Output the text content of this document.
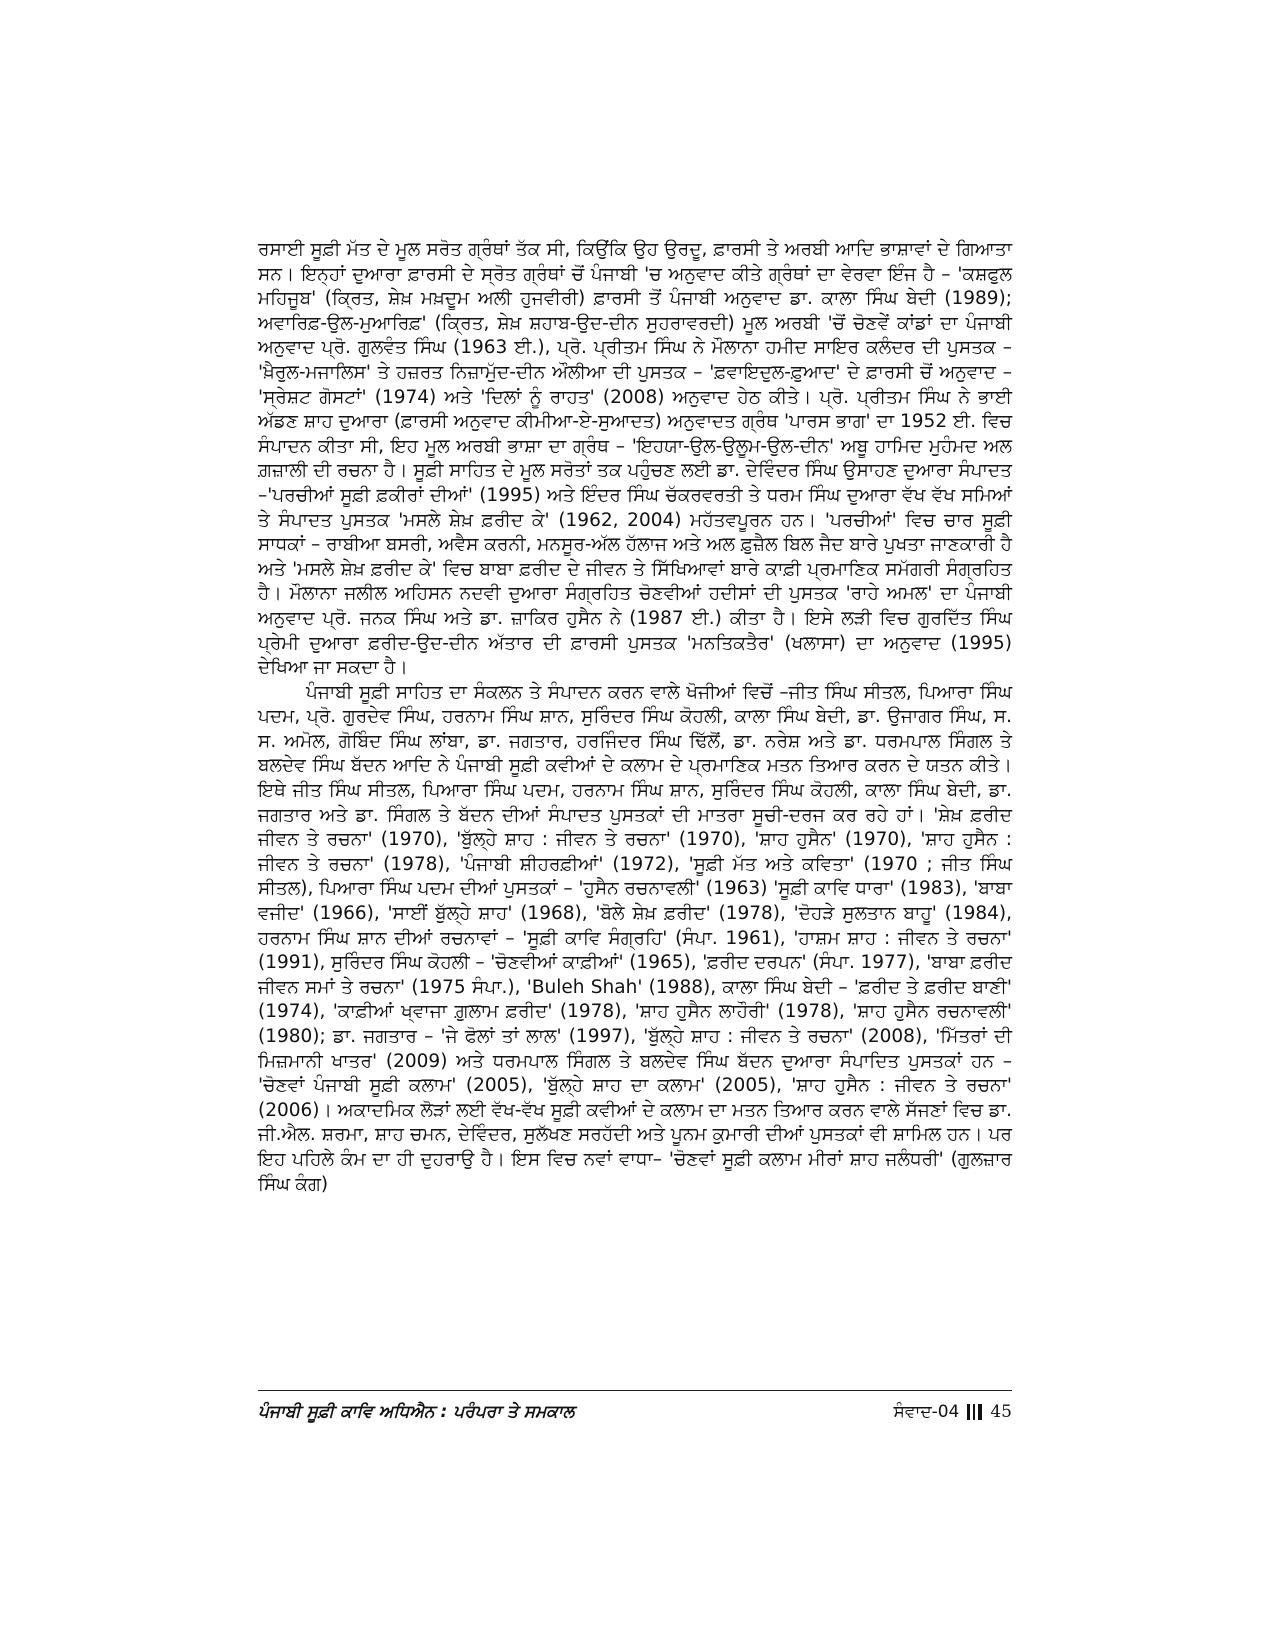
ਰਸਾਈ ਸੂਫ਼ੀ ਮੱਤ ਦੇ ਮੂਲ ਸਰੋਤ ਗ੍ਰੰਥਾਂ ਤੱਕ ਸੀ, ਕਿਉਂਕਿ ਉਹ ਉਰਦੂ, ਫ਼ਾਰਸੀ ਤੇ ਅਰਬੀ ਆਦਿ ਭਾਸ਼ਾਵਾਂ ਦੇ ਗਿਆਤਾ ਸਨ। ਇਨ੍ਹਾਂ ਦੁਆਰਾ ਫ਼ਾਰਸੀ ਦੇ ਸ੍ਰੋਤ ਗ੍ਰੰਥਾਂ ਚੋਂ ਪੰਜਾਬੀ 'ਚ ਅਨੁਵਾਦ ਕੀਤੇ ਗ੍ਰੰਥਾਂ ਦਾ ਵੇਰਵਾ ਇੰਜ ਹੈ – 'ਕਸ਼ਫੁਲ ਮਹਿਜੂਬ' (ਕ੍ਰਿਤ, ਸ਼ੇਖ਼ ਮਖ਼ਦੂਮ ਅਲੀ ਹੁਜਵੀਰੀ) ਫ਼ਾਰਸੀ ਤੋਂ ਪੰਜਾਬੀ ਅਨੁਵਾਦ ਡਾ. ਕਾਲਾ ਸਿੰਘ ਬੇਦੀ (1989); ਅਵਾਰਿਫ਼-ਉਲ-ਮੁਆਰਿਫ਼' (ਕ੍ਰਿਤ, ਸ਼ੇਖ਼ ਸ਼ਹਾਬ-ਉਦ-ਦੀਨ ਸੁਹਰਾਵਰਦੀ) ਮੂਲ ਅਰਬੀ 'ਚੋਂ ਚੋਣਵੇਂ ਕਾਂਡਾਂ ਦਾ ਪੰਜਾਬੀ ਅਨੁਵਾਦ ਪ੍ਰੋ. ਗੁਲਵੰਤ ਸਿੰਘ (1963 ਈ.), ਪ੍ਰੋ. ਪ੍ਰੀਤਮ ਸਿੰਘ ਨੇ ਮੌਲਾਨਾ ਹਮੀਦ ਸਾਇਰ ਕਲੰਦਰ ਦੀ ਪੁਸਤਕ – 'ਖ਼ੈਰੁਲ-ਮਜਾਲਿਸ' ਤੇ ਹਜ਼ਰਤ ਨਿਜ਼ਾਮੁੱਦ-ਦੀਨ ਔਲੀਆ ਦੀ ਪੁਸਤਕ – 'ਫ਼ਵਾਇਦੁਲ-ਫ਼ੁਆਦ' ਦੇ ਫ਼ਾਰਸੀ ਚੋਂ ਅਨੁਵਾਦ – 'ਸ੍ਰੇਸ਼ਟ ਗੋਸਟਾਂ' (1974) ਅਤੇ 'ਦਿਲਾਂ ਨੂੰ ਰਾਹਤ' (2008) ਅਨੁਵਾਦ ਹੇਠ ਕੀਤੇ। ਪ੍ਰੋ. ਪ੍ਰੀਤਮ ਸਿੰਘ ਨੇ ਭਾਈ ਅੱਡਣ ਸ਼ਾਹ ਦੁਆਰਾ (ਫ਼ਾਰਸੀ ਅਨੁਵਾਦ ਕੀਮੀਆ-ਏ-ਸੁਆਦਤ) ਅਨੁਵਾਦਤ ਗ੍ਰੰਥ 'ਪਾਰਸ ਭਾਗ' ਦਾ 1952 ਈ. ਵਿਚ ਸੰਪਾਦਨ ਕੀਤਾ ਸੀ, ਇਹ ਮੂਲ ਅਰਬੀ ਭਾਸ਼ਾ ਦਾ ਗ੍ਰੰਥ – 'ਇਹਯਾ-ਉਲ-ਉਲੂਮ-ਉਲ-ਦੀਨ' ਅਬੂ ਹਾਮਿਦ ਮੁਹੰਮਦ ਅਲ ਗ਼ਜ਼ਾਲੀ ਦੀ ਰਚਨਾ ਹੈ। ਸੂਫ਼ੀ ਸਾਹਿਤ ਦੇ ਮੂਲ ਸਰੋਤਾਂ ਤਕ ਪਹੁੰਚਣ ਲਈ ਡਾ. ਦੇਵਿੰਦਰ ਸਿੰਘ ਉਸਾਹਣ ਦੁਆਰਾ ਸੰਪਾਦਤ –'ਪਰਚੀਆਂ ਸੂਫ਼ੀ ਫ਼ਕੀਰਾਂ ਦੀਆਂ' (1995) ਅਤੇ ਇੰਦਰ ਸਿੰਘ ਚੱਕਰਵਰਤੀ ਤੇ ਧਰਮ ਸਿੰਘ ਦੁਆਰਾ ਵੱਖ ਵੱਖ ਸਮਿਆਂ ਤੇ ਸੰਪਾਦਤ ਪੁਸਤਕ 'ਮਸਲੇ ਸ਼ੇਖ਼ ਫ਼ਰੀਦ ਕੇ' (1962, 2004) ਮਹੱਤਵਪੂਰਨ ਹਨ। 'ਪਰਚੀਆਂ' ਵਿਚ ਚਾਰ ਸੂਫ਼ੀ ਸਾਧਕਾਂ – ਰਾਬੀਆ ਬਸਰੀ, ਅਵੈਸ ਕਰਨੀ, ਮਨਸੂਰ-ਅੱਲ ਹੱਲਾਜ ਅਤੇ ਅਲ ਫ਼ੁਜ਼ੈਲ ਬਿਲ ਜੈਦ ਬਾਰੇ ਪੁਖਤਾ ਜਾਣਕਾਰੀ ਹੈ ਅਤੇ 'ਮਸਲੇ ਸ਼ੇਖ਼ ਫ਼ਰੀਦ ਕੇ' ਵਿਚ ਬਾਬਾ ਫ਼ਰੀਦ ਦੇ ਜੀਵਨ ਤੇ ਸਿੱਖਿਆਵਾਂ ਬਾਰੇ ਕਾਫ਼ੀ ਪ੍ਰਮਾਣਿਕ ਸਮੱਗਰੀ ਸੰਗ੍ਰਹਿਤ ਹੈ। ਮੌਲਾਨਾ ਜਲੀਲ ਅਹਿਸਨ ਨਦਵੀ ਦੁਆਰਾ ਸੰਗ੍ਰਹਿਤ ਚੋਣਵੀਆਂ ਹਦੀਸਾਂ ਦੀ ਪੁਸਤਕ 'ਰਾਹੇ ਅਮਲ' ਦਾ ਪੰਜਾਬੀ ਅਨੁਵਾਦ ਪ੍ਰੋ. ਜਨਕ ਸਿੰਘ ਅਤੇ ਡਾ. ਜ਼ਾਕਿਰ ਹੁਸੈਨ ਨੇ (1987 ਈ.) ਕੀਤਾ ਹੈ। ਇਸੇ ਲੜੀ ਵਿਚ ਗੁਰਦਿੱਤ ਸਿੰਘ ਪ੍ਰੇਮੀ ਦੁਆਰਾ ਫ਼ਰੀਦ-ਉਦ-ਦੀਨ ਅੱਤਾਰ ਦੀ ਫ਼ਾਰਸੀ ਪੁਸਤਕ 'ਮਨਤਿਕਤੈਰ' (ਖਲਾਸਾ) ਦਾ ਅਨੁਵਾਦ (1995) ਦੇਖਿਆ ਜਾ ਸਕਦਾ ਹੈ।

ਪੰਜਾਬੀ ਸੂਫ਼ੀ ਸਾਹਿਤ ਦਾ ਸੰਕਲਨ ਤੇ ਸੰਪਾਦਨ ਕਰਨ ਵਾਲੇ ਖੋਜੀਆਂ ਵਿਚੋਂ –ਜੀਤ ਸਿੰਘ ਸੀਤਲ, ਪਿਆਰਾ ਸਿੰਘ ਪਦਮ, ਪ੍ਰੋ. ਗੁਰਦੇਵ ਸਿੰਘ, ਹਰਨਾਮ ਸਿੰਘ ਸ਼ਾਨ, ਸੁਰਿੰਦਰ ਸਿੰਘ ਕੋਹਲੀ, ਕਾਲਾ ਸਿੰਘ ਬੇਦੀ, ਡਾ. ਉਜਾਗਰ ਸਿੰਘ, ਸ. ਸ. ਅਮੋਲ, ਗੋਬਿੰਦ ਸਿੰਘ ਲਾਂਬਾ, ਡਾ. ਜਗਤਾਰ, ਹਰਜਿੰਦਰ ਸਿੰਘ ਢਿੱਲੋਂ, ਡਾ. ਨਰੇਸ਼ ਅਤੇ ਡਾ. ਧਰਮਪਾਲ ਸਿੰਗਲ ਤੇ ਬਲਦੇਵ ਸਿੰਘ ਬੱਦਨ ਆਦਿ ਨੇ ਪੰਜਾਬੀ ਸੂਫ਼ੀ ਕਵੀਆਂ ਦੇ ਕਲਾਮ ਦੇ ਪ੍ਰਮਾਣਿਕ ਮਤਨ ਤਿਆਰ ਕਰਨ ਦੇ ਯਤਨ ਕੀਤੇ। ਇਥੇ ਜੀਤ ਸਿੰਘ ਸੀਤਲ, ਪਿਆਰਾ ਸਿੰਘ ਪਦਮ, ਹਰਨਾਮ ਸਿੰਘ ਸ਼ਾਨ, ਸੁਰਿੰਦਰ ਸਿੰਘ ਕੋਹਲੀ, ਕਾਲਾ ਸਿੰਘ ਬੇਦੀ, ਡਾ. ਜਗਤਾਰ ਅਤੇ ਡਾ. ਸਿੰਗਲ ਤੇ ਬੱਦਨ ਦੀਆਂ ਸੰਪਾਦਤ ਪੁਸਤਕਾਂ ਦੀ ਮਾਤਰਾ ਸੂਚੀ-ਦਰਜ ਕਰ ਰਹੇ ਹਾਂ। 'ਸ਼ੇਖ਼ ਫ਼ਰੀਦ ਜੀਵਨ ਤੇ ਰਚਨਾ' (1970), 'ਬੁੱਲ੍ਹੇ ਸ਼ਾਹ : ਜੀਵਨ ਤੇ ਰਚਨਾ' (1970), 'ਸ਼ਾਹ ਹੁਸੈਨ' (1970), 'ਸ਼ਾਹ ਹੁਸੈਨ : ਜੀਵਨ ਤੇ ਰਚਨਾ' (1978), 'ਪੰਜਾਬੀ ਸ਼ੀਹਰਫ਼ੀਆਂ' (1972), 'ਸੂਫ਼ੀ ਮੱਤ ਅਤੇ ਕਵਿਤਾ' (1970 ; ਜੀਤ ਸਿੰਘ ਸੀਤਲ), ਪਿਆਰਾ ਸਿੰਘ ਪਦਮ ਦੀਆਂ ਪੁਸਤਕਾਂ – 'ਹੁਸੈਨ ਰਚਨਾਵਲੀ' (1963) 'ਸੂਫ਼ੀ ਕਾਵਿ ਧਾਰਾ' (1983), 'ਬਾਬਾ ਵਜੀਦ' (1966), 'ਸਾਈਂ ਬੁੱਲ੍ਹੇ ਸ਼ਾਹ' (1968), 'ਬੋਲੇ ਸ਼ੇਖ਼ ਫ਼ਰੀਦ' (1978), 'ਦੋਹੜੇ ਸੁਲਤਾਨ ਬਾਹੂ' (1984), ਹਰਨਾਮ ਸਿੰਘ ਸ਼ਾਨ ਦੀਆਂ ਰਚਨਾਵਾਂ – 'ਸੂਫ਼ੀ ਕਾਵਿ ਸੰਗ੍ਰਹਿ' (ਸੰਪਾ. 1961), 'ਹਾਸ਼ਮ ਸ਼ਾਹ : ਜੀਵਨ ਤੇ ਰਚਨਾ' (1991), ਸੁਰਿੰਦਰ ਸਿੰਘ ਕੋਹਲੀ – 'ਚੋਣਵੀਆਂ ਕਾਫ਼ੀਆਂ' (1965), 'ਫ਼ਰੀਦ ਦਰਪਨ' (ਸੰਪਾ. 1977), 'ਬਾਬਾ ਫ਼ਰੀਦ ਜੀਵਨ ਸਮਾਂ ਤੇ ਰਚਨਾ' (1975 ਸੰਪਾ.), 'Buleh Shah' (1988), ਕਾਲਾ ਸਿੰਘ ਬੇਦੀ – 'ਫ਼ਰੀਦ ਤੇ ਫ਼ਰੀਦ ਬਾਣੀ' (1974), 'ਕਾਫ਼ੀਆਂ ਖ੍ਵਾਜਾ ਗ਼ੁਲਾਮ ਫ਼ਰੀਦ' (1978), 'ਸ਼ਾਹ ਹੁਸੈਨ ਲਾਹੌਰੀ' (1978), 'ਸ਼ਾਹ ਹੁਸੈਨ ਰਚਨਾਵਲੀ' (1980); ਡਾ. ਜਗਤਾਰ – 'ਜੇ ਫੋਲਾਂ ਤਾਂ ਲਾਲ' (1997), 'ਬੁੱਲ੍ਹੇ ਸ਼ਾਹ : ਜੀਵਨ ਤੇ ਰਚਨਾ' (2008), 'ਮਿੱਤਰਾਂ ਦੀ ਮਿਜ਼ਮਾਨੀ ਖਾਤਰ' (2009) ਅਤੇ ਧਰਮਪਾਲ ਸਿੰਗਲ ਤੇ ਬਲਦੇਵ ਸਿੰਘ ਬੱਦਨ ਦੁਆਰਾ ਸੰਪਾਦਿਤ ਪੁਸਤਕਾਂ ਹਨ – 'ਚੋਣਵਾਂ ਪੰਜਾਬੀ ਸੂਫ਼ੀ ਕਲਾਮ' (2005), 'ਬੁੱਲ੍ਹੇ ਸ਼ਾਹ ਦਾ ਕਲਾਮ' (2005), 'ਸ਼ਾਹ ਹੁਸੈਨ : ਜੀਵਨ ਤੇ ਰਚਨਾ' (2006)। ਅਕਾਦਮਿਕ ਲੋੜਾਂ ਲਈ ਵੱਖ-ਵੱਖ ਸੂਫ਼ੀ ਕਵੀਆਂ ਦੇ ਕਲਾਮ ਦਾ ਮਤਨ ਤਿਆਰ ਕਰਨ ਵਾਲੇ ਸੱਜਣਾਂ ਵਿਚ ਡਾ. ਜੀ.ਐਲ. ਸ਼ਰਮਾ, ਸ਼ਾਹ ਚਮਨ, ਦੇਵਿੰਦਰ, ਸੁਲੱਖਣ ਸਰਹੱਦੀ ਅਤੇ ਪੂਨਮ ਕੁਮਾਰੀ ਦੀਆਂ ਪੁਸਤਕਾਂ ਵੀ ਸ਼ਾਮਿਲ ਹਨ। ਪਰ ਇਹ ਪਹਿਲੇ ਕੰਮ ਦਾ ਹੀ ਦੁਹਰਾਉ ਹੈ। ਇਸ ਵਿਚ ਨਵਾਂ ਵਾਧਾ– 'ਚੋਣਵਾਂ ਸੂਫ਼ੀ ਕਲਾਮ ਮੀਰਾਂ ਸ਼ਾਹ ਜਲੰਧਰੀ' (ਗੁਲਜ਼ਾਰ ਸਿੰਘ ਕੰਗ)

ਪੰਜਾਬੀ ਸੂਫ਼ੀ ਕਾਵਿ ਅਧਿਐਨ : ਪਰੰਪਰਾ ਤੇ ਸਮਕਾਲ	ਸੰਵਾਦ-04 45
